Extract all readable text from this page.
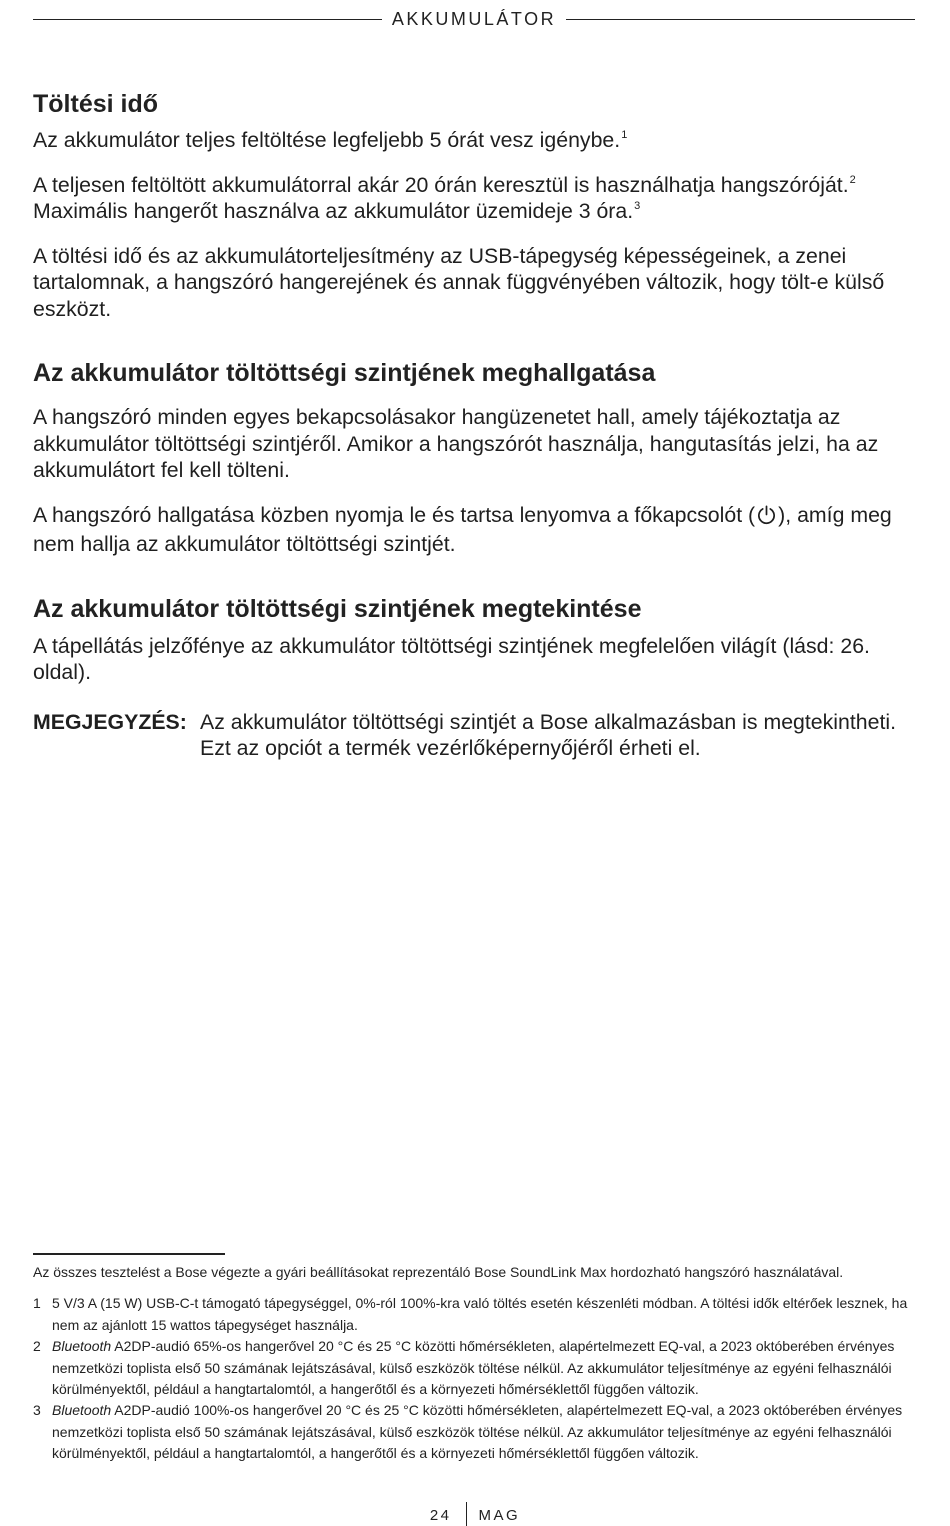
AKKUMULÁTOR
Töltési idő

Az akkumulátor teljes feltöltése legfeljebb 5 órát vesz igénybe.$^1$

A teljesen feltöltött akkumulátorral akár 20 órán keresztül is használhatja hangszóróját.$^2$ Maximális hangerőt használva az akkumulátor üzemideje 3 óra.$^3$

A töltési idő és az akkumulátorteljesítmény az USB-tápegység képességeinek, a zenei tartalomnak, a hangszóró hangerejének és annak függvényében változik, hogy tölt-e külső eszközt.

Az akkumulátor töltöttségi szintjének meghallgatása

A hangszóró minden egyes bekapcsolásakor hangüzenetet hall, amely tájékoztatja az akkumulátor töltöttségi szintjéről. Amikor a hangszórót használja, hangutasítás jelzi, ha az akkumulátort fel kell tölteni.

A hangszóró hallgatása közben nyomja le és tartsa lenyomva a főkapcsolót ( ), amíg meg nem hallja az akkumulátor töltöttségi szintjét.

Az akkumulátor töltöttségi szintjének megtekintése

A tápellátás jelzőfénye az akkumulátor töltöttségi szintjének megfelelően világít (lásd: 26. oldal).

MEGJEGYZÉS: Az akkumulátor töltöttségi szintjét a Bose alkalmazásban is megtekintheti. Ezt az opciót a termék vezérlőképernyőjéről érheti el.
Az összes tesztelést a Bose végezte a gyári beállításokat reprezentáló Bose SoundLink Max hordozható hangszóró használatával.
1 5 V/3 A (15 W) USB-C-t támogató tápegységgel, 0%-ról 100%-kra való töltés esetén készenléti módban. A töltési idők eltérőek lesznek, ha nem az ajánlott 15 wattos tápegységet használja.
2 Bluetooth A2DP-audió 65%-os hangerővel 20 °C és 25 °C közötti hőmérsékleten, alapértelmezett EQ-val, a 2023 októberében érvényes nemzetközi toplista első 50 számának lejátszásával, külső eszközök töltése nélkül. Az akkumulátor teljesítménye az egyéni felhasználói körülményektől, például a hangtartalomtól, a hangerőtől és a környezeti hőmérséklettől függően változik.
3 Bluetooth A2DP-audió 100%-os hangerővel 20 °C és 25 °C közötti hőmérsékleten, alapértelmezett EQ-val, a 2023 októberében érvényes nemzetközi toplista első 50 számának lejátszásával, külső eszközök töltése nélkül. Az akkumulátor teljesítménye az egyéni felhasználói körülményektől, például a hangtartalomtól, a hangerőtől és a környezeti hőmérséklettől függően változik.
24 MAG
